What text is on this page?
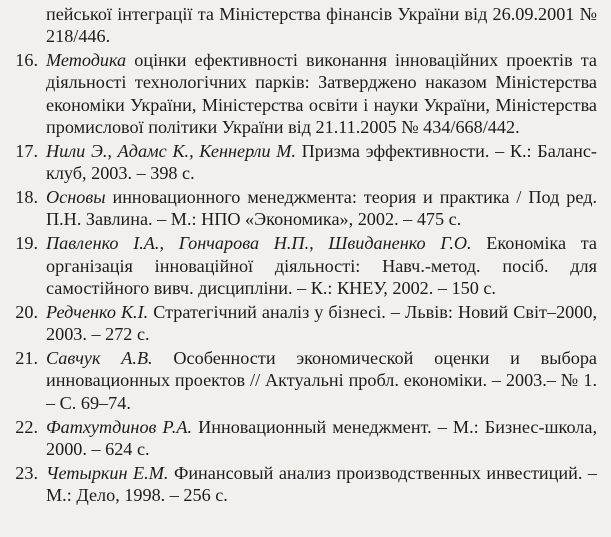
пейської інтеграції та Міністерства фінансів України від 26.09.2001 № 218/446.
16. Методика оцінки ефективності виконання інноваційних проектів та діяльності технологічних парків: Затверджено наказом Міністерства економіки України, Міністерства освіти і науки України, Міністерства промислової політики України від 21.11.2005 № 434/668/442.
17. Нили Э., Адамс К., Кеннерли М. Призма эффективности. – К.: Баланс-клуб, 2003. – 398 с.
18. Основы инновационного менеджмента: теория и практика / Под ред. П.Н. Завлина. – М.: НПО «Экономика», 2002. – 475 с.
19. Павленко І.А., Гончарова Н.П., Швиданенко Г.О. Економіка та організація інноваційної діяльності: Навч.-метод. посіб. для самостійного вивч. дисципліни. – К.: КНЕУ, 2002. – 150 с.
20. Редченко К.І. Стратегічний аналіз у бізнесі. – Львів: Новий Світ–2000, 2003. – 272 с.
21. Савчук А.В. Особенности экономической оценки и выбора инновационных проектов // Актуальні пробл. економіки. – 2003.– № 1. – С. 69–74.
22. Фатхутдинов Р.А. Инновационный менеджмент. – М.: Бизнес-школа, 2000. – 624 с.
23. Четыркин Е.М. Финансовый анализ производственных инвестиций. – М.: Дело, 1998. – 256 с.
